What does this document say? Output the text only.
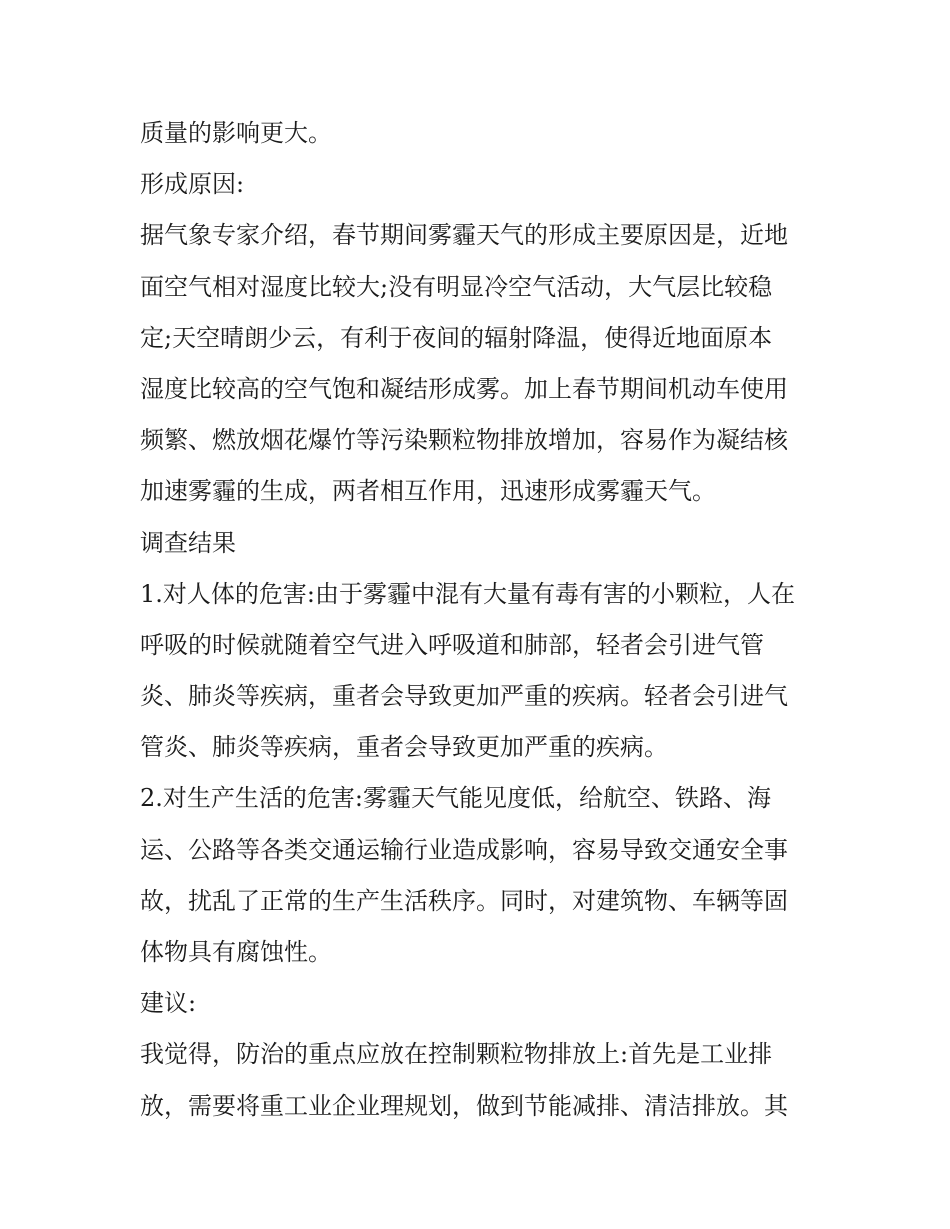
质量的影响更大。
形成原因:
据气象专家介绍，春节期间雾霾天气的形成主要原因是，近地
面空气相对湿度比较大;没有明显冷空气活动，大气层比较稳
定;天空晴朗少云，有利于夜间的辐射降温，使得近地面原本
湿度比较高的空气饱和凝结形成雾。加上春节期间机动车使用
频繁、燃放烟花爆竹等污染颗粒物排放增加，容易作为凝结核
加速雾霾的生成，两者相互作用，迅速形成雾霾天气。
调查结果
1.对人体的危害:由于雾霾中混有大量有毒有害的小颗粒，人在
呼吸的时候就随着空气进入呼吸道和肺部，轻者会引进气管
炎、肺炎等疾病，重者会导致更加严重的疾病。轻者会引进气
管炎、肺炎等疾病，重者会导致更加严重的疾病。
2.对生产生活的危害:雾霾天气能见度低，给航空、铁路、海
运、公路等各类交通运输行业造成影响，容易导致交通安全事
故，扰乱了正常的生产生活秩序。同时，对建筑物、车辆等固
体物具有腐蚀性。
建议:
我觉得，防治的重点应放在控制颗粒物排放上:首先是工业排
放，需要将重工业企业理规划，做到节能减排、清洁排放。其
